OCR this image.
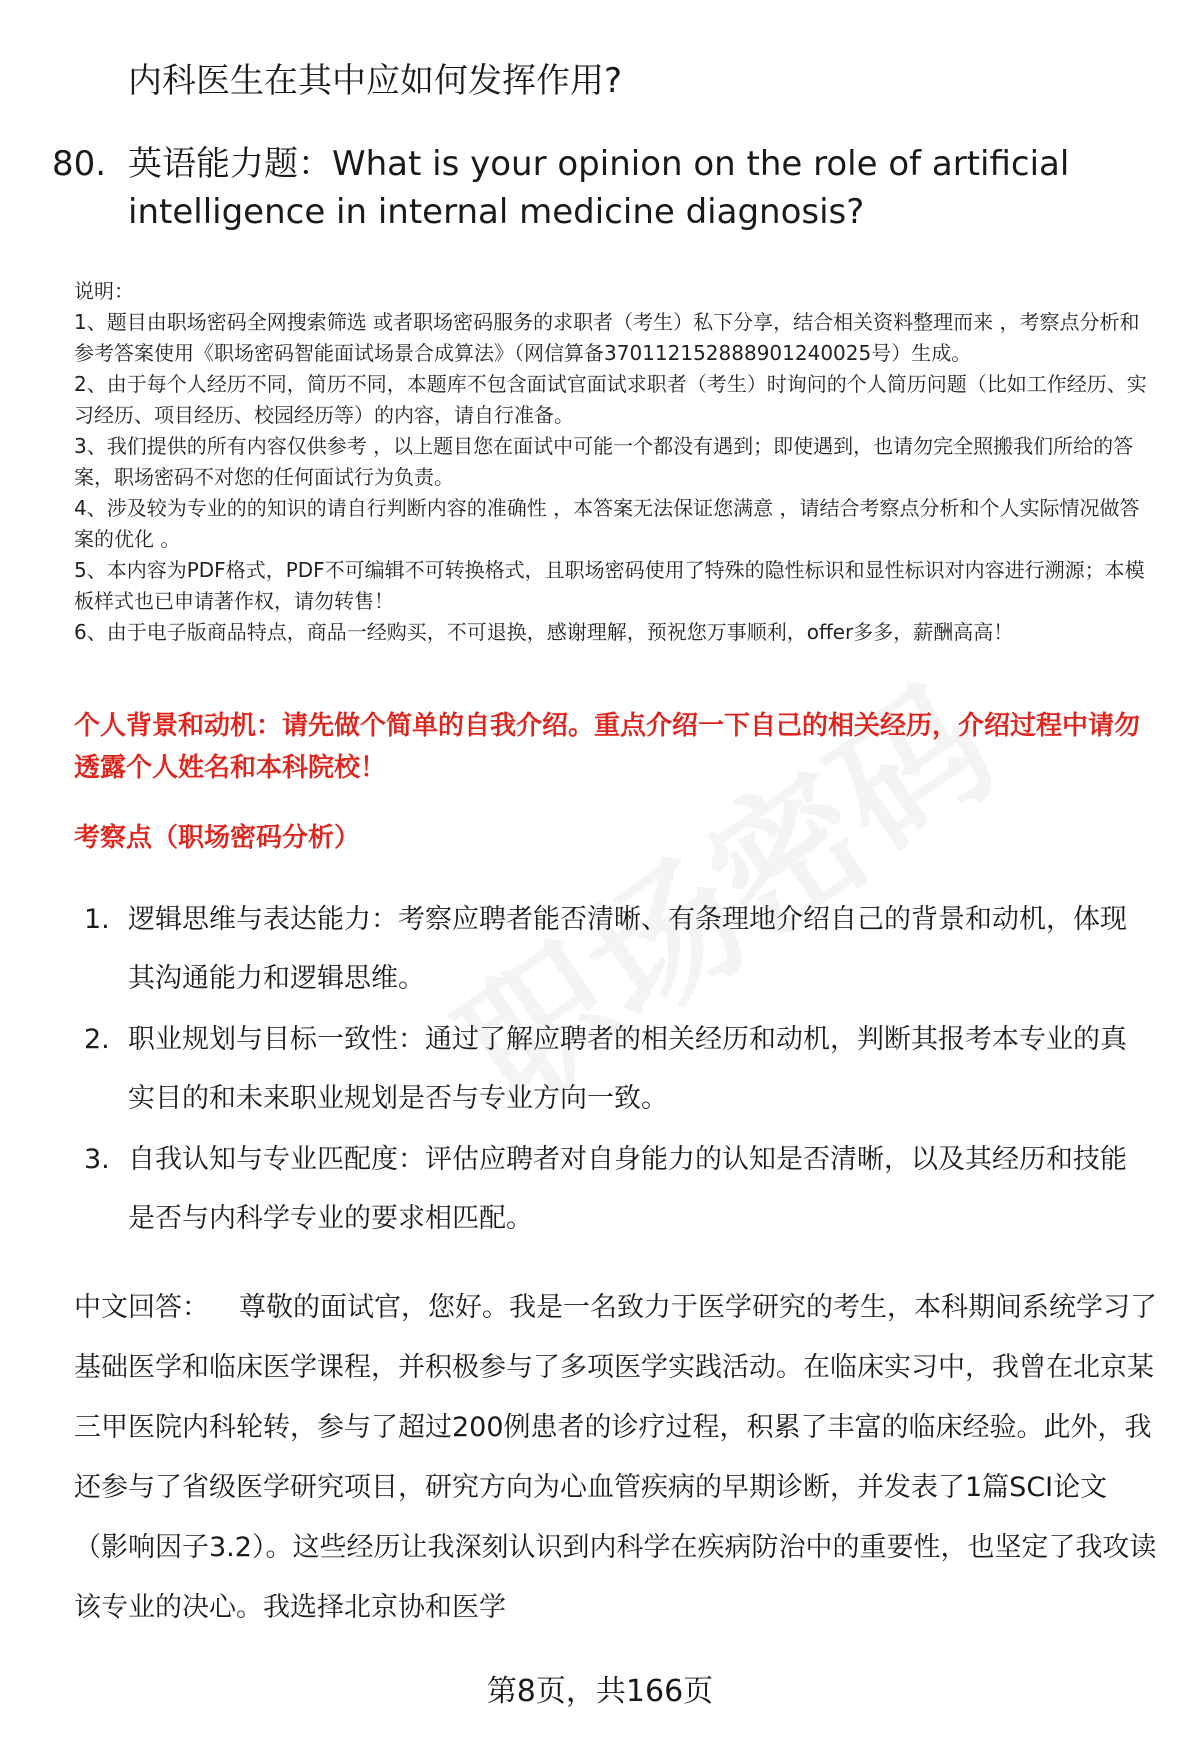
内科医生在其中应如何发挥作用?
80. 英语能力题：What is your opinion on the role of artificial intelligence in internal medicine diagnosis?
说明：
1、题目由职场密码全网搜索筛选 或者职场密码服务的求职者（考生）私下分享，结合相关资料整理而来 ，考察点分析和参考答案使用《职场密码智能面试场景合成算法》（网信算备370112152888901240025号）生成。
2、由于每个人经历不同，简历不同，本题库不包含面试官面试求职者（考生）时询问的个人简历问题（比如工作经历、实习经历、项目经历、校园经历等）的内容，请自行准备。
3、我们提供的所有内容仅供参考 ，以上题目您在面试中可能一个都没有遇到；即使遇到，也请勿完全照搬我们所给的答案，职场密码不对您的任何面试行为负责。
4、涉及较为专业的的知识的请自行判断内容的准确性 ，本答案无法保证您满意 ，请结合考察点分析和个人实际情况做答案的优化 。
5、本内容为PDF格式，PDF不可编辑不可转换格式，且职场密码使用了特殊的隐性标识和显性标识对内容进行溯源；本模板样式也已申请著作权，请勿转售！
6、由于电子版商品特点，商品一经购买，不可退换，感谢理解，预祝您万事顺利，offer多多，薪酬高高！
个人背景和动机：请先做个简单的自我介绍。重点介绍一下自己的相关经历，介绍过程中请勿透露个人姓名和本科院校！
考察点（职场密码分析）
1. 逻辑思维与表达能力：考察应聘者能否清晰、有条理地介绍自己的背景和动机，体现其沟通能力和逻辑思维。
2. 职业规划与目标一致性：通过了解应聘者的相关经历和动机，判断其报考本专业的真实目的和未来职业规划是否与专业方向一致。
3. 自我认知与专业匹配度：评估应聘者对自身能力的认知是否清晰，以及其经历和技能是否与内科学专业的要求相匹配。
中文回答： 尊敬的面试官，您好。我是一名致力于医学研究的考生，本科期间系统学习了基础医学和临床医学课程，并积极参与了多项医学实践活动。在临床实习中，我曾在北京某三甲医院内科轮转，参与了超过200例患者的诊疗过程，积累了丰富的临床经验。此外，我还参与了省级医学研究项目，研究方向为心血管疾病的早期诊断，并发表了1篇SCI论文（影响因子3.2）。这些经历让我深刻认识到内科学在疾病防治中的重要性，也坚定了我攻读该专业的决心。我选择北京协和医学
第8页，共166页
